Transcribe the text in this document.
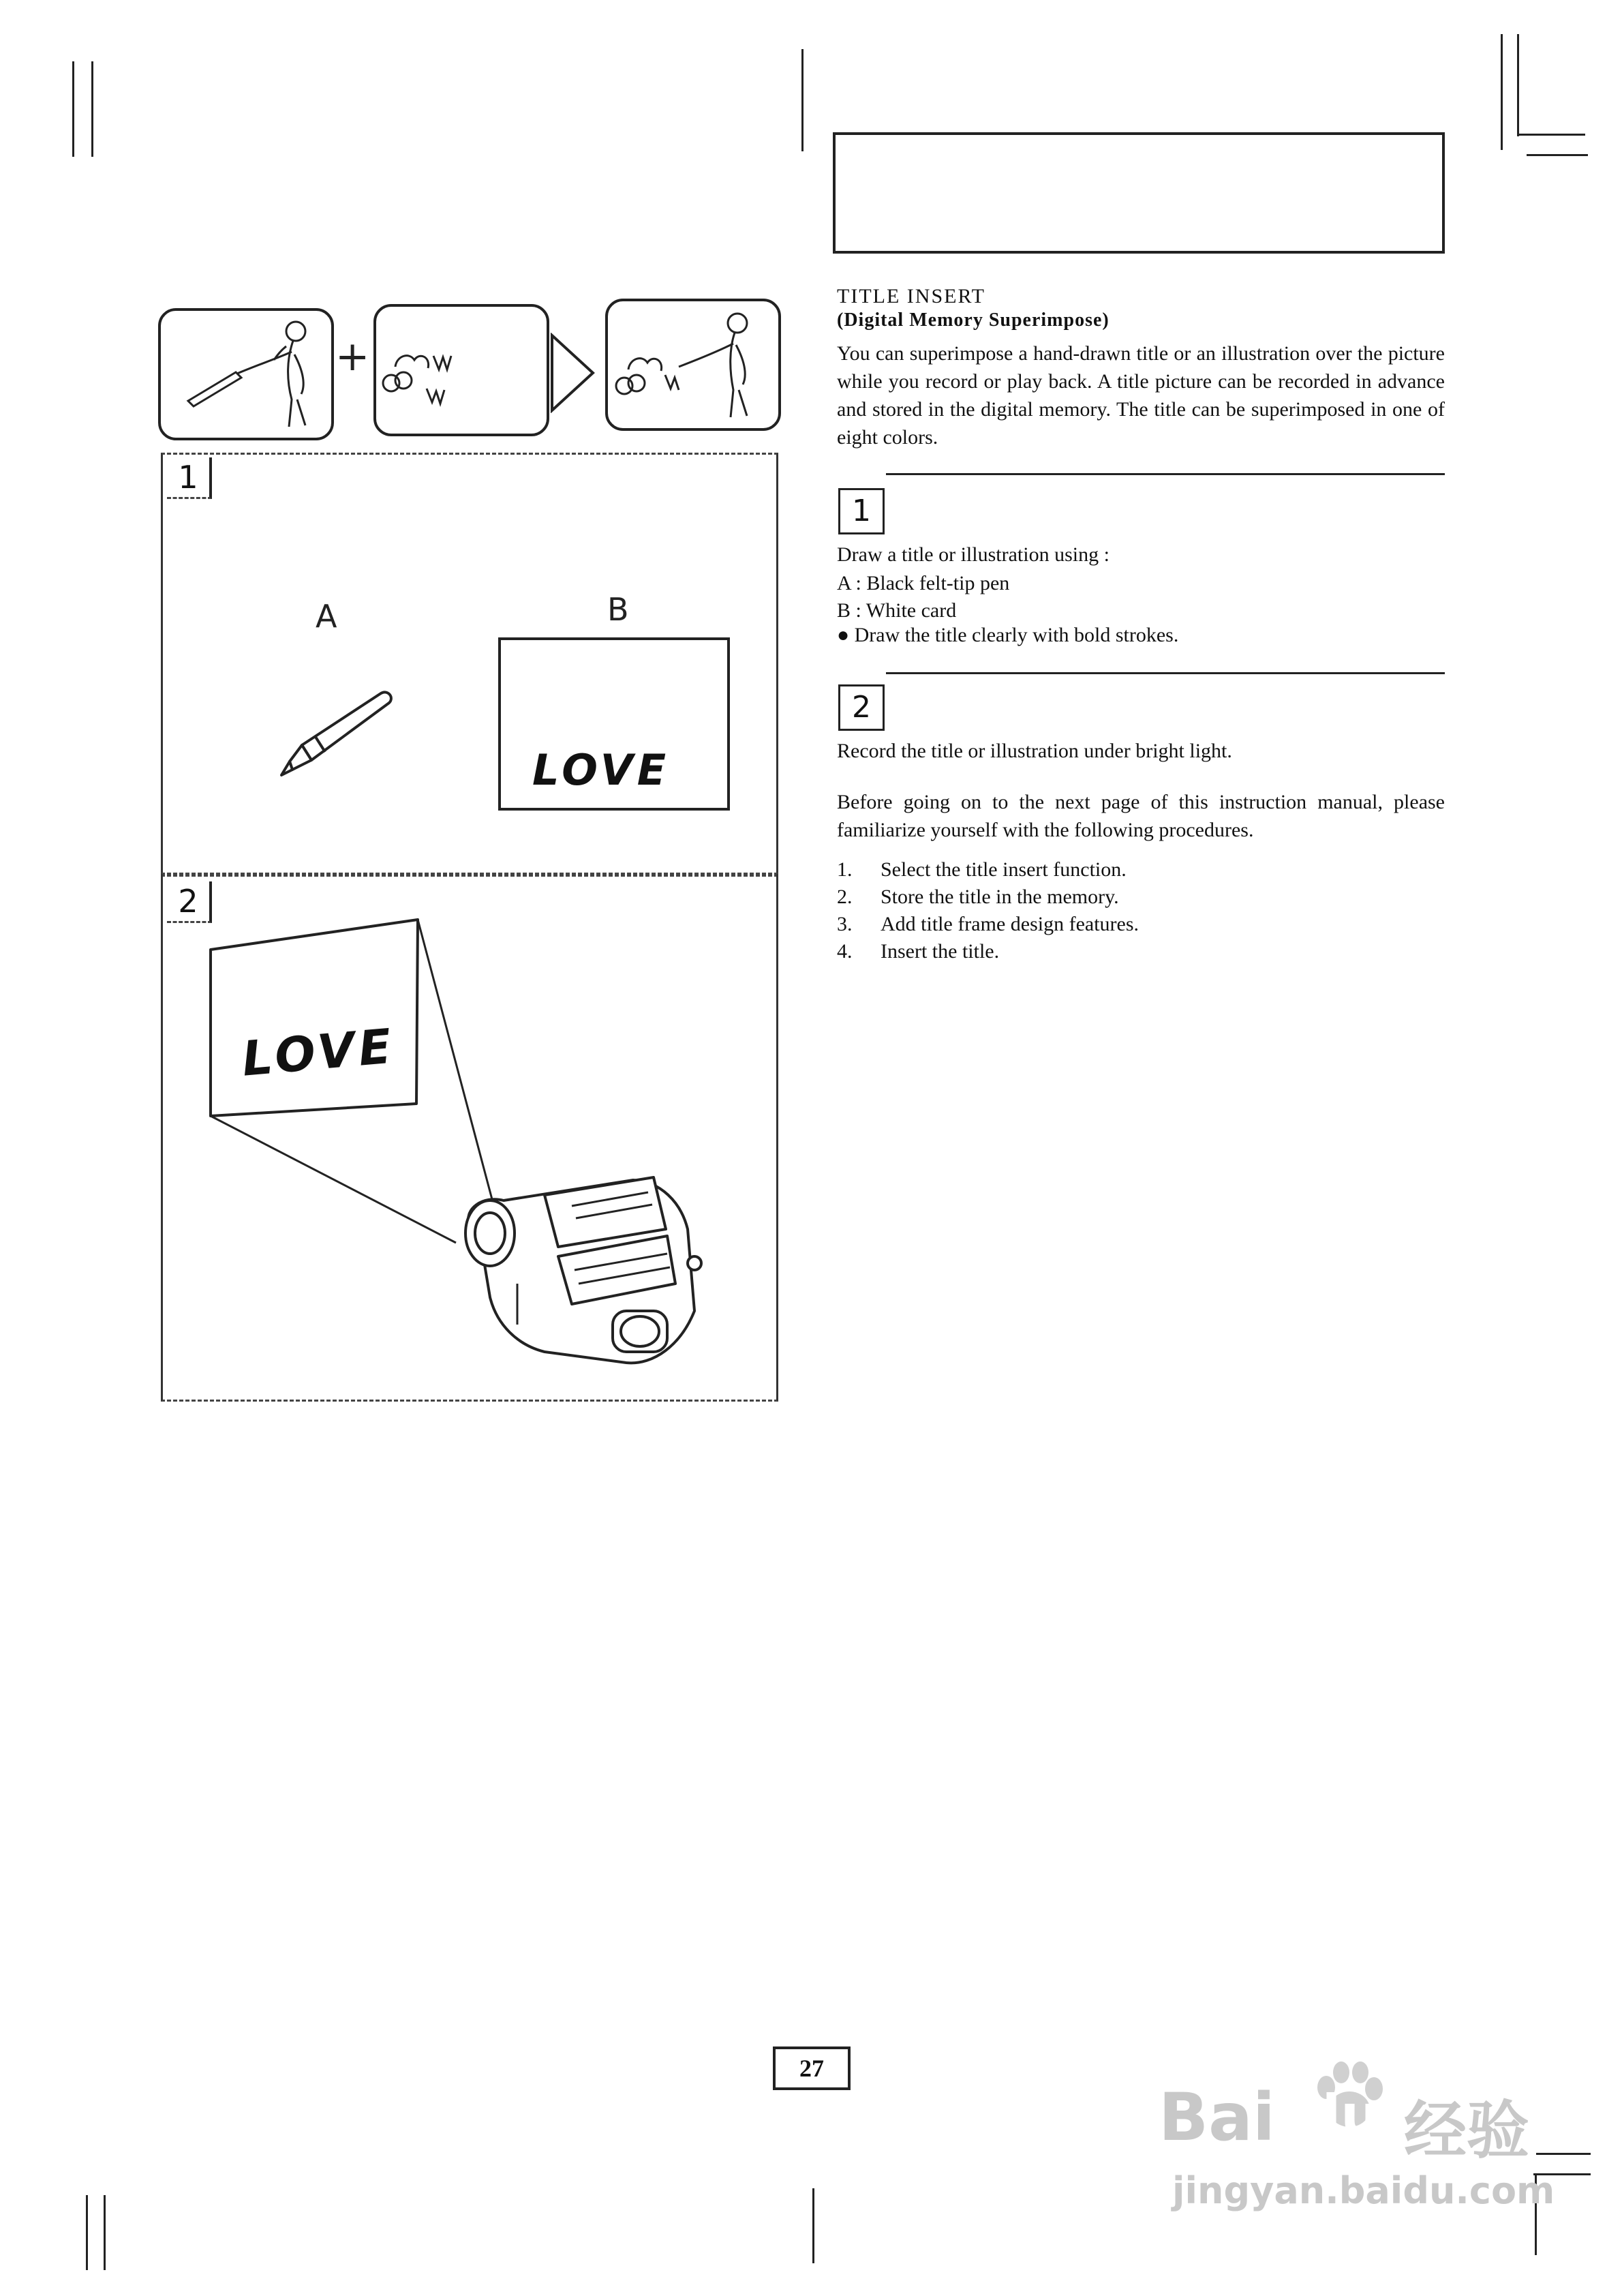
+
1
A	B
LOVE
2
LOVE
TITLE INSERT
(Digital Memory Superimpose)

You can superimpose a hand-drawn title or an illustration over the picture while you record or play back. A title picture can be recorded in advance and stored in the digital memory. The title can be superimposed in one of eight colors.

1
Draw a title or illustration using :
A : Black felt-tip pen
B : White card
● Draw the title clearly with bold strokes.
2
Record the title or illustration under bright light.

Before going on to the next page of this instruction manual, please familiarize yourself with the following procedures.

1. Select the title insert function.
2. Store the title in the memory.
3. Add title frame design features.
4. Insert the title.
27
Bai du 经验
jingyan.baidu.com
